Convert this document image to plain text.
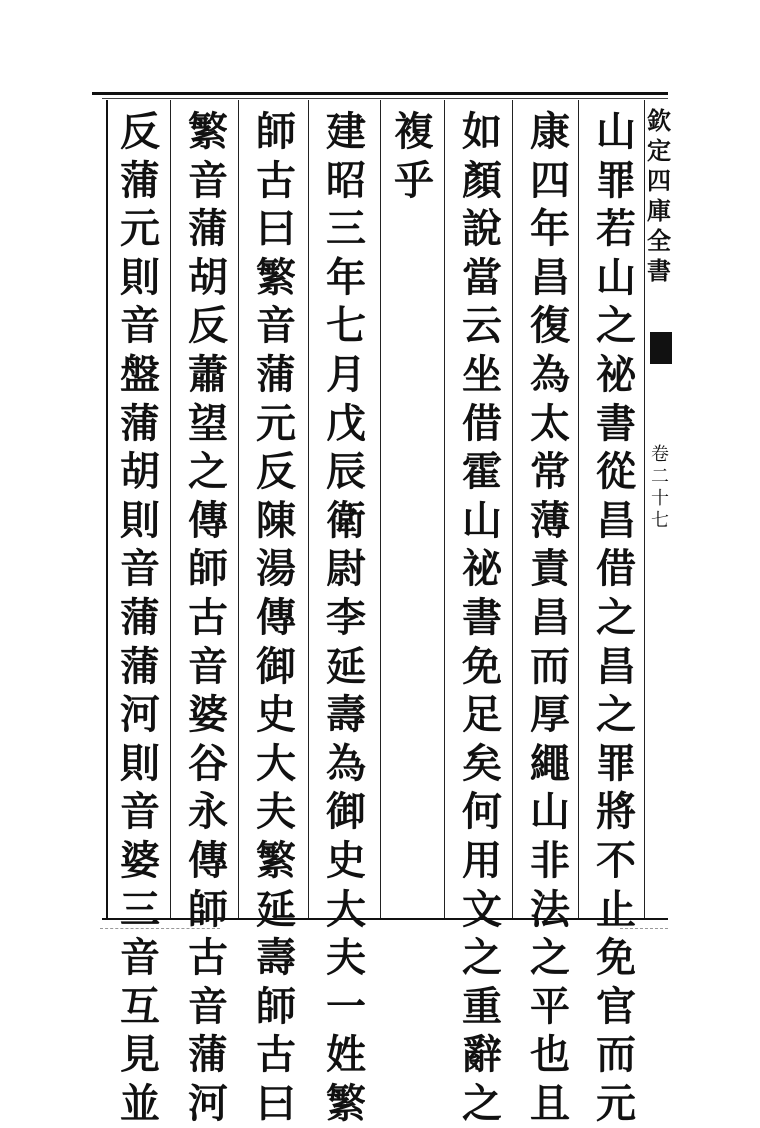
山
罪
若
山
之
祕
書
從
昌
借
之
昌
之
罪
將
不
止
免
官
而
元
康
四
年
昌
復
為
太
常
薄
責
昌
而
厚
繩
山
非
法
之
平
也
且
如
顏
說
當
云
坐
借
霍
山
祕
書
免
足
矣
何
用
文
之
重
辭
之
複
乎
建
昭
三
年
七
月
戊
辰
衛
尉
李
延
壽
為
御
史
大
夫
一
姓
繁
師
古
曰
繁
音
蒲
元
反
陳
湯
傳
御
史
大
夫
繁
延
壽
師
古
曰
繁
音
蒲
胡
反
蕭
望
之
傳
師
古
音
婆
谷
永
傳
師
古
音
蒲
河
反
蒲
元
則
音
盤
蒲
胡
則
音
蒲
蒲
河
則
音
婆
三
音
互
見
並
欽
定
四
庫
全
書
卷
二
十
七
